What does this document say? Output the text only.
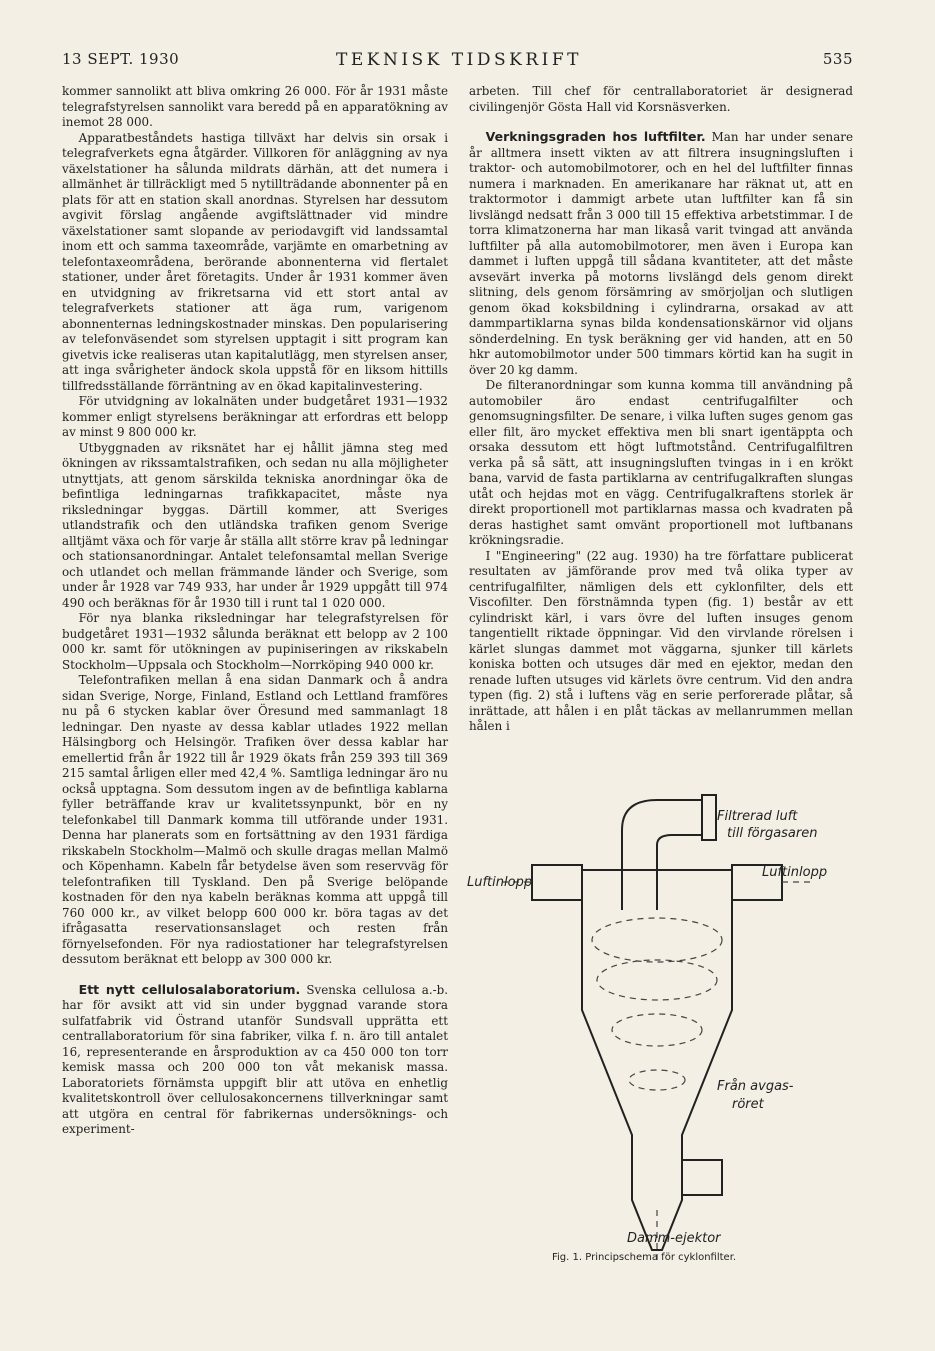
13 SEPT. 1930	TEKNISK TIDSKRIFT	535

kommer sannolikt att bliva omkring 26 000. För år 1931 måste telegrafstyrelsen sannolikt vara beredd på en apparatökning av inemot 28 000.

Apparatbeståndets hastiga tillväxt har delvis sin orsak i telegrafverkets egna åtgärder. Villkoren för anläggning av nya växelstationer ha sålunda mildrats därhän, att det numera i allmänhet är tillräckligt med 5 nytillträdande abonnenter på en plats för att en station skall anordnas. Styrelsen har dessutom avgivit förslag angående avgiftslättnader vid mindre växelstationer samt slopande av periodavgift vid landssamtal inom ett och samma taxeområde, varjämte en omarbetning av telefontaxeområdena, berörande abonnenterna vid flertalet stationer, under året företagits. Under år 1931 kommer även en utvidgning av frikretsarna vid ett stort antal av telegrafverkets stationer att äga rum, varigenom abonnenternas ledningskostnader minskas. Den popularisering av telefonväsendet som styrelsen upptagit i sitt program kan givetvis icke realiseras utan kapitalutlägg, men styrelsen anser, att inga svårigheter ändock skola uppstå för en liksom hittills tillfredsställande förräntning av en ökad kapitalinvestering.

För utvidgning av lokalnäten under budgetåret 1931—1932 kommer enligt styrelsens beräkningar att erfordras ett belopp av minst 9 800 000 kr.

Utbyggnaden av riksnätet har ej hållit jämna steg med ökningen av rikssamtalstrafiken, och sedan nu alla möjligheter utnyttjats, att genom särskilda tekniska anordningar öka de befintliga ledningarnas trafikkapacitet, måste nya riksledningar byggas. Därtill kommer, att Sveriges utlandstrafik och den utländska trafiken genom Sverige alltjämt växa och för varje år ställa allt större krav på ledningar och stationsanordningar. Antalet telefonsamtal mellan Sverige och utlandet och mellan främmande länder och Sverige, som under år 1928 var 749 933, har under år 1929 uppgått till 974 490 och beräknas för år 1930 till i runt tal 1 020 000.

För nya blanka riksledningar har telegrafstyrelsen för budgetåret 1931—1932 sålunda beräknat ett belopp av 2 100 000 kr. samt för utökningen av pupiniseringen av rikskabeln Stockholm—Uppsala och Stockholm—Norrköping 940 000 kr.

Telefontrafiken mellan å ena sidan Danmark och å andra sidan Sverige, Norge, Finland, Estland och Lettland framföres nu på 6 stycken kablar över Öresund med sammanlagt 18 ledningar. Den nyaste av dessa kablar utlades 1922 mellan Hälsingborg och Helsingör. Trafiken över dessa kablar har emellertid från år 1922 till år 1929 ökats från 259 393 till 369 215 samtal årligen eller med 42,4 %. Samtliga ledningar äro nu också upptagna. Som dessutom ingen av de befintliga kablarna fyller beträffande krav ur kvalitetssynpunkt, bör en ny telefonkabel till Danmark komma till utförande under 1931. Denna har planerats som en fortsättning av den 1931 färdiga rikskabeln Stockholm—Malmö och skulle dragas mellan Malmö och Köpenhamn. Kabeln får betydelse även som reservväg för telefontrafiken till Tyskland. Den på Sverige belöpande kostnaden för den nya kabeln beräknas komma att uppgå till 760 000 kr., av vilket belopp 600 000 kr. böra tagas av det ifrågasatta reservationsanslaget och resten från förnyelsefonden. För nya radiostationer har telegrafstyrelsen dessutom beräknat ett belopp av 300 000 kr.

Ett nytt cellulosalaboratorium. Svenska cellulosa a.-b. har för avsikt att vid sin under byggnad varande stora sulfatfabrik vid Östrand utanför Sundsvall upprätta ett centrallaboratorium för sina fabriker, vilka f. n. äro till antalet 16, representerande en årsproduktion av ca 450 000 ton torr kemisk massa och 200 000 ton våt mekanisk massa. Laboratoriets förnämsta uppgift blir att utöva en enhetlig kvalitetskontroll över cellulosakoncernens tillverkningar samt att utgöra en central för fabrikernas undersöknings- och experiment-

arbeten. Till chef för centrallaboratoriet är designerad civilingenjör Gösta Hall vid Korsnäsverken.

Verkningsgraden hos luftfilter. Man har under senare år alltmera insett vikten av att filtrera insugningsluften i traktor- och automobilmotorer, och en hel del luftfilter finnas numera i marknaden. En amerikanare har räknat ut, att en traktormotor i dammigt arbete utan luftfilter kan få sin livslängd nedsatt från 3 000 till 15 effektiva arbetstimmar. I de torra klimatzonerna har man likaså varit tvingad att använda luftfilter på alla automobilmotorer, men även i Europa kan dammet i luften uppgå till sådana kvantiteter, att det måste avsevärt inverka på motorns livslängd dels genom direkt slitning, dels genom försämring av smörjoljan och slutligen genom ökad koksbildning i cylindrarna, orsakad av att dammpartiklarna synas bilda kondensationskärnor vid oljans sönderdelning. En tysk beräkning ger vid handen, att en 50 hkr automobilmotor under 500 timmars körtid kan ha sugit in över 20 kg damm.

De filteranordningar som kunna komma till användning på automobiler äro endast centrifugalfilter och genomsugningsfilter. De senare, i vilka luften suges genom gas eller filt, äro mycket effektiva men bli snart igentäppta och orsaka dessutom ett högt luftmotstånd. Centrifugalfiltren verka på så sätt, att insugningsluften tvingas in i en krökt bana, varvid de fasta partiklarna av centrifugalkraften slungas utåt och hejdas mot en vägg. Centrifugalkraftens storlek är direkt proportionell mot partiklarnas massa och kvadraten på deras hastighet samt omvänt proportionell mot luftbanans krökningsradie.

I "Engineering" (22 aug. 1930) ha tre författare publicerat resultaten av jämförande prov med två olika typer av centrifugalfilter, nämligen dels ett cyklonfilter, dels ett Viscofilter. Den förstnämnda typen (fig. 1) består av ett cylindriskt kärl, i vars övre del luften insuges genom tangentiellt riktade öppningar. Vid den virvlande rörelsen i kärlet slungas dammet mot väggarna, sjunker till kärlets koniska botten och utsuges där med en ejektor, medan den renade luften utsuges vid kärlets övre centrum. Vid den andra typen (fig. 2) stå i luftens väg en serie perforerade plåtar, så inrättade, att hålen i en plåt täckas av mellanrummen mellan hålen i

Filtrerad luft
till förgasaren
Luftinlopp
Luftinlopp
Från avgas-
röret
Damm-ejektor
Fig. 1. Principschema för cyklonfilter.
